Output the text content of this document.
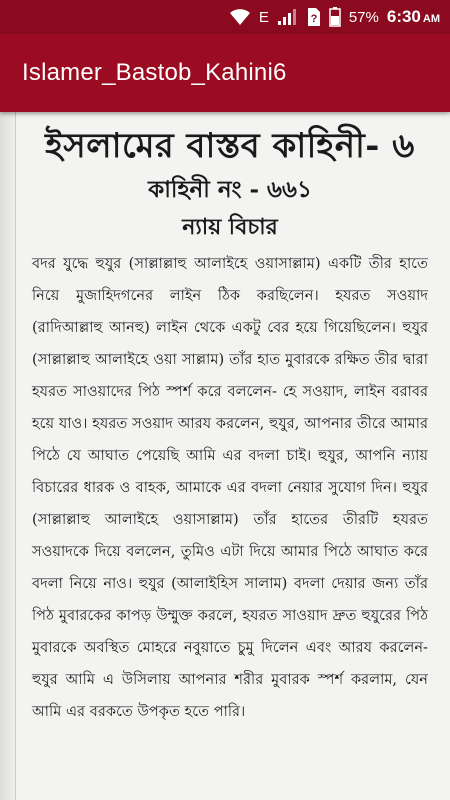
E	? 57% 6:30 AM
Islamer_Bastob_Kahini6
ইসলামের বাস্তব কাহিনী- ৬
কাহিনী নং - ৬৬১
ন্যায় বিচার

বদর যুদ্ধে হুযুর (সাল্লাল্লাহু আলাইহে ওয়াসাল্লাম) একটি তীর হাতে নিয়ে মুজাহিদগনের লাইন ঠিক করছিলেন। হযরত সওয়াদ (রাদিআল্লাহু আনহু) লাইন থেকে একটু বের হয়ে গিয়েছিলেন। হুযুর (সাল্লাল্লাহু আলাইহে ওয়া সাল্লাম) তাঁর হাত মুবারকে রক্ষিত তীর দ্বারা হযরত সাওয়াদের পিঠ স্পর্শ করে বললেন- হে সওয়াদ, লাইন বরাবর হয়ে যাও। হযরত সওয়াদ আরয করলেন, হুযুর, আপনার তীরে আমার পিঠে যে আঘাত পেয়েছি আমি এর বদলা চাই। হুযুর, আপনি ন্যায় বিচারের ধারক ও বাহক, আমাকে এর বদলা নেয়ার সুযোগ দিন। হুযুর (সাল্লাল্লাহু আলাইহে ওয়াসাল্লাম) তাঁর হাতের তীরটি হযরত সওয়াদকে দিয়ে বললেন, তুমিও এটা দিয়ে আমার পিঠে আঘাত করে বদলা নিয়ে নাও। হুযুর (আলাইহিস সালাম) বদলা দেয়ার জন্য তাঁর পিঠ মুবারকের কাপড় উম্মুক্ত করলে, হযরত সাওয়াদ দ্রুত হুযুরের পিঠ মুবারকে অবস্থিত মোহরে নবুয়াতে চুমু দিলেন এবং আরয করলেন- হুযুর আমি এ উসিলায় আপনার শরীর মুবারক স্পর্শ করলাম, যেন আমি এর বরকতে উপকৃত হতে পারি।
